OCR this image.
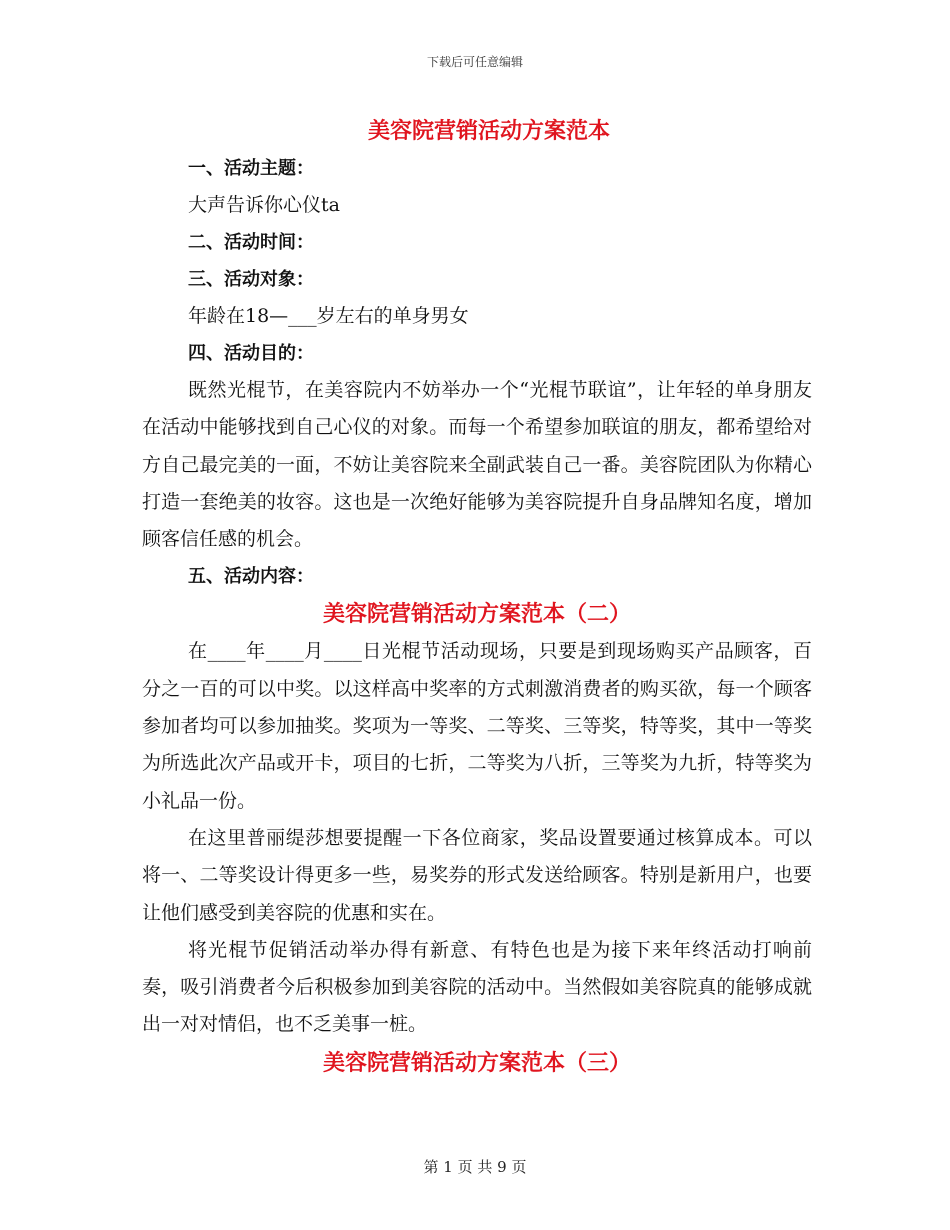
下载后可任意编辑
美容院营销活动方案范本
一、活动主题：
大声告诉你心仪ta
二、活动时间：
三、活动对象：
年龄在18—___岁左右的单身男女
四、活动目的：

既然光棍节，在美容院内不妨举办一个“光棍节联谊”，让年轻的单身朋友在活动中能够找到自己心仪的对象。而每一个希望参加联谊的朋友，都希望给对方自己最完美的一面，不妨让美容院来全副武装自己一番。美容院团队为你精心打造一套绝美的妆容。这也是一次绝好能够为美容院提升自身品牌知名度，增加顾客信任感的机会。

五、活动内容：
美容院营销活动方案范本（二）

在____年____月____日光棍节活动现场，只要是到现场购买产品顾客，百分之一百的可以中奖。以这样高中奖率的方式刺激消费者的购买欲，每一个顾客参加者均可以参加抽奖。奖项为一等奖、二等奖、三等奖，特等奖，其中一等奖为所选此次产品或开卡，项目的七折，二等奖为八折，三等奖为九折，特等奖为小礼品一份。

在这里普丽缇莎想要提醒一下各位商家，奖品设置要通过核算成本。可以将一、二等奖设计得更多一些，易奖券的形式发送给顾客。特别是新用户，也要让他们感受到美容院的优惠和实在。

将光棍节促销活动举办得有新意、有特色也是为接下来年终活动打响前奏，吸引消费者今后积极参加到美容院的活动中。当然假如美容院真的能够成就出一对对情侣，也不乏美事一桩。

美容院营销活动方案范本（三）
第 1 页 共 9 页
